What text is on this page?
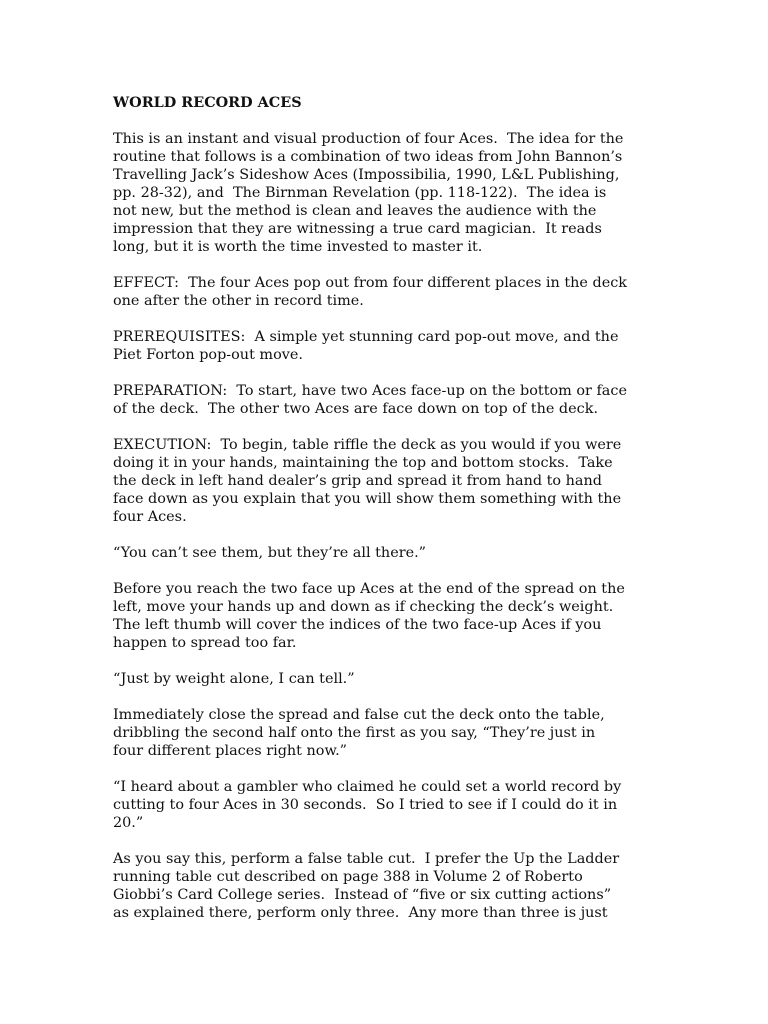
WORLD RECORD ACES
This is an instant and visual production of four Aces.  The idea for the
routine that follows is a combination of two ideas from John Bannon’s
Travelling Jack’s Sideshow Aces (Impossibilia, 1990, L&L Publishing,
pp. 28-32), and  The Birnman Revelation (pp. 118-122).  The idea is
not new, but the method is clean and leaves the audience with the
impression that they are witnessing a true card magician.  It reads
long, but it is worth the time invested to master it.
EFFECT:  The four Aces pop out from four different places in the deck
one after the other in record time.
PREREQUISITES:  A simple yet stunning card pop-out move, and the
Piet Forton pop-out move.
PREPARATION:  To start, have two Aces face-up on the bottom or face
of the deck.  The other two Aces are face down on top of the deck.
EXECUTION:  To begin, table riffle the deck as you would if you were
doing it in your hands, maintaining the top and bottom stocks.  Take
the deck in left hand dealer’s grip and spread it from hand to hand
face down as you explain that you will show them something with the
four Aces.
“You can’t see them, but they’re all there.”
Before you reach the two face up Aces at the end of the spread on the
left, move your hands up and down as if checking the deck’s weight.
The left thumb will cover the indices of the two face-up Aces if you
happen to spread too far.
“Just by weight alone, I can tell.”
Immediately close the spread and false cut the deck onto the table,
dribbling the second half onto the first as you say, “They’re just in
four different places right now.”
“I heard about a gambler who claimed he could set a world record by
cutting to four Aces in 30 seconds.  So I tried to see if I could do it in
20.”
As you say this, perform a false table cut.  I prefer the Up the Ladder
running table cut described on page 388 in Volume 2 of Roberto
Giobbi’s Card College series.  Instead of “five or six cutting actions”
as explained there, perform only three.  Any more than three is just
